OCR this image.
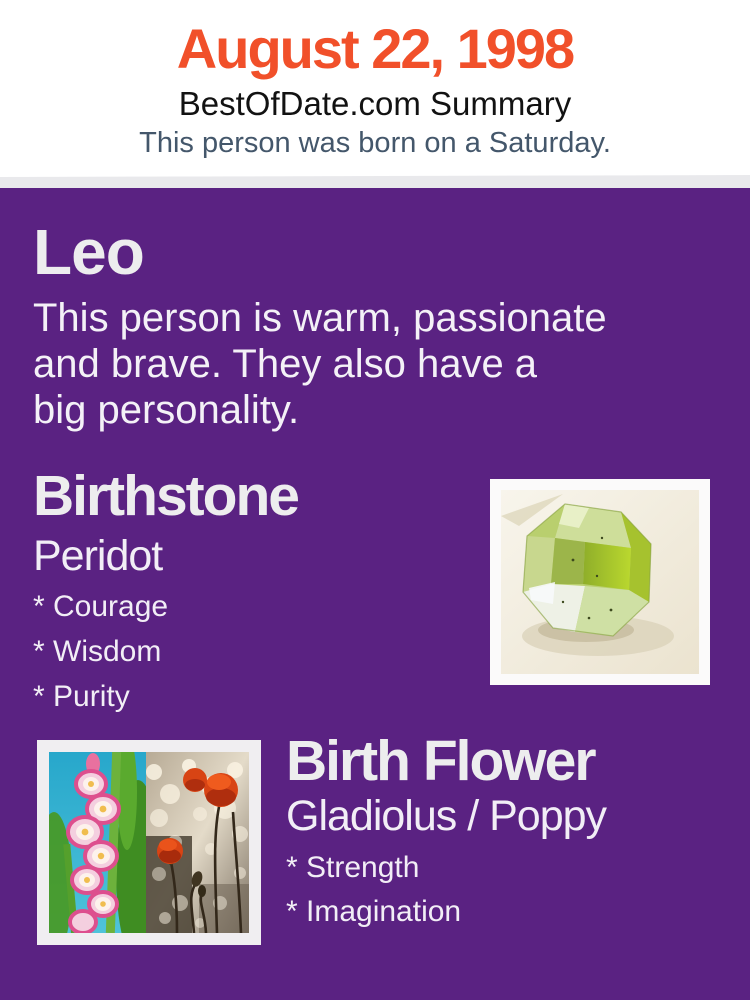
August 22, 1998
BestOfDate.com Summary
This person was born on a Saturday.
Leo
This person is warm, passionate
and brave. They also have a
big personality.
Birthstone
Peridot
* Courage
* Wisdom
* Purity
Birth Flower
Gladiolus / Poppy
* Strength
* Imagination
